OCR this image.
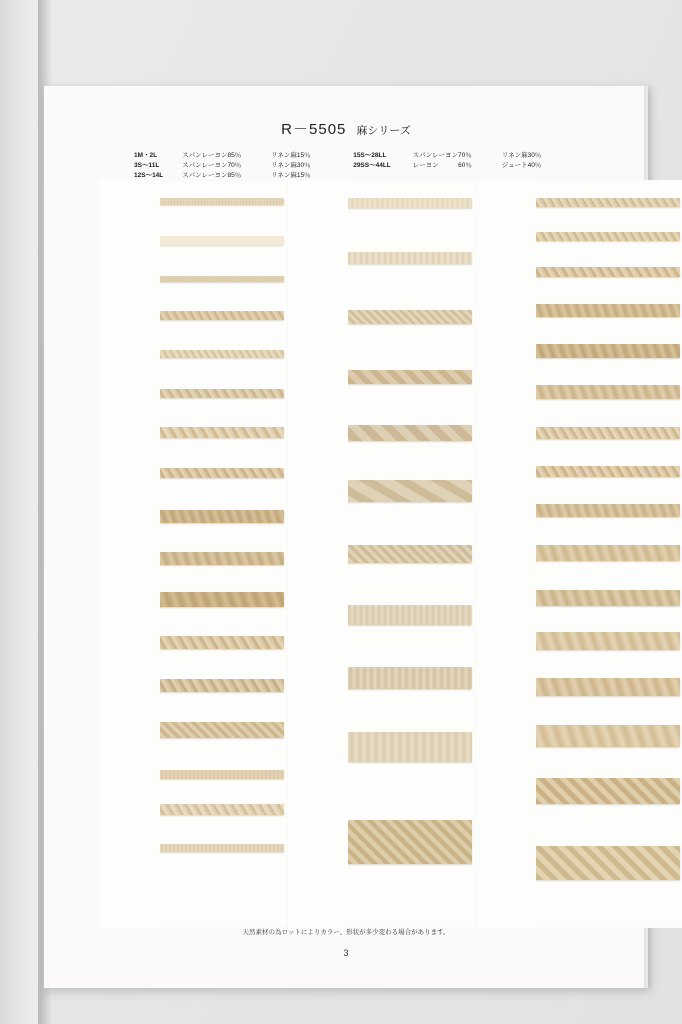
R－5505 麻シリーズ
1M・2L	スパンレーヨン85％	リネン麻15％		15S〜28LL	スパンレーヨン70％	リネン麻30％
3S〜11L	スパンレーヨン70％	リネン麻30％		29SS〜44LL	レーヨン　　　60％	ジュート40％
12S〜14L	スパンレーヨン85％	リネン麻15％				
天然素材の為ロットによりカラー、形状が多少変わる場合があります。
3
